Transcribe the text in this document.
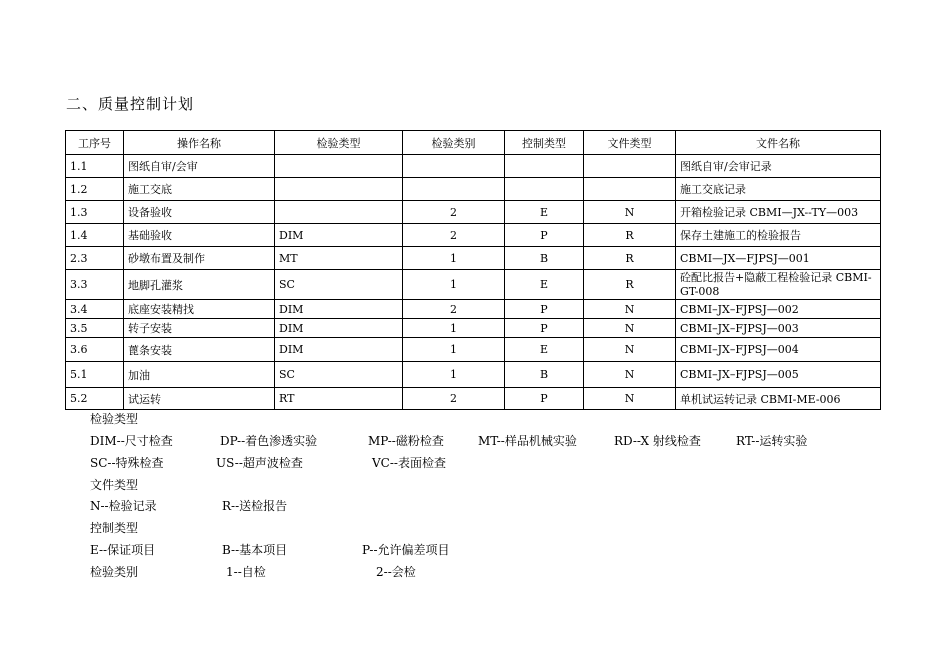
二、质量控制计划
工序号	操作名称	检验类型	检验类别	控制类型	文件类型	文件名称
1.1	图纸自审/会审					图纸自审/会审记录
1.2	施工交底					施工交底记录
1.3	设备验收		2	E	N	开箱检验记录 CBMI—JX--TY—003
1.4	基础验收	DIM	2	P	R	保存土建施工的检验报告
2.3	砂墩布置及制作	MT	1	B	R	CBMI—JX—FJPSJ—001
3.3	地脚孔灌浆	SC	1	E	R	砼配比报告+隐蔽工程检验记录 CBMI-GT-008
3.4	底座安装精找	DIM	2	P	N	CBMI–JX–FJPSJ—002
3.5	转子安装	DIM	1	P	N	CBMI–JX–FJPSJ—003
3.6	蓖条安装	DIM	1	E	N	CBMI–JX–FJPSJ—004
5.1	加油	SC	1	B	N	CBMI–JX–FJPSJ—005
5.2	试运转	RT	2	P	N	单机试运转记录 CBMI-ME-006
检验类型
DIM--尺寸检查	DP--着色渗透实验	MP--磁粉检查	MT--样品机械实验	RD--X 射线检查	RT--运转实验
SC--特殊检查	US--超声波检查	VC--表面检查
文件类型
N--检验记录	R--送检报告
控制类型
E--保证项目	B--基本项目	P--允许偏差项目
检验类别	1--自检	2--会检
